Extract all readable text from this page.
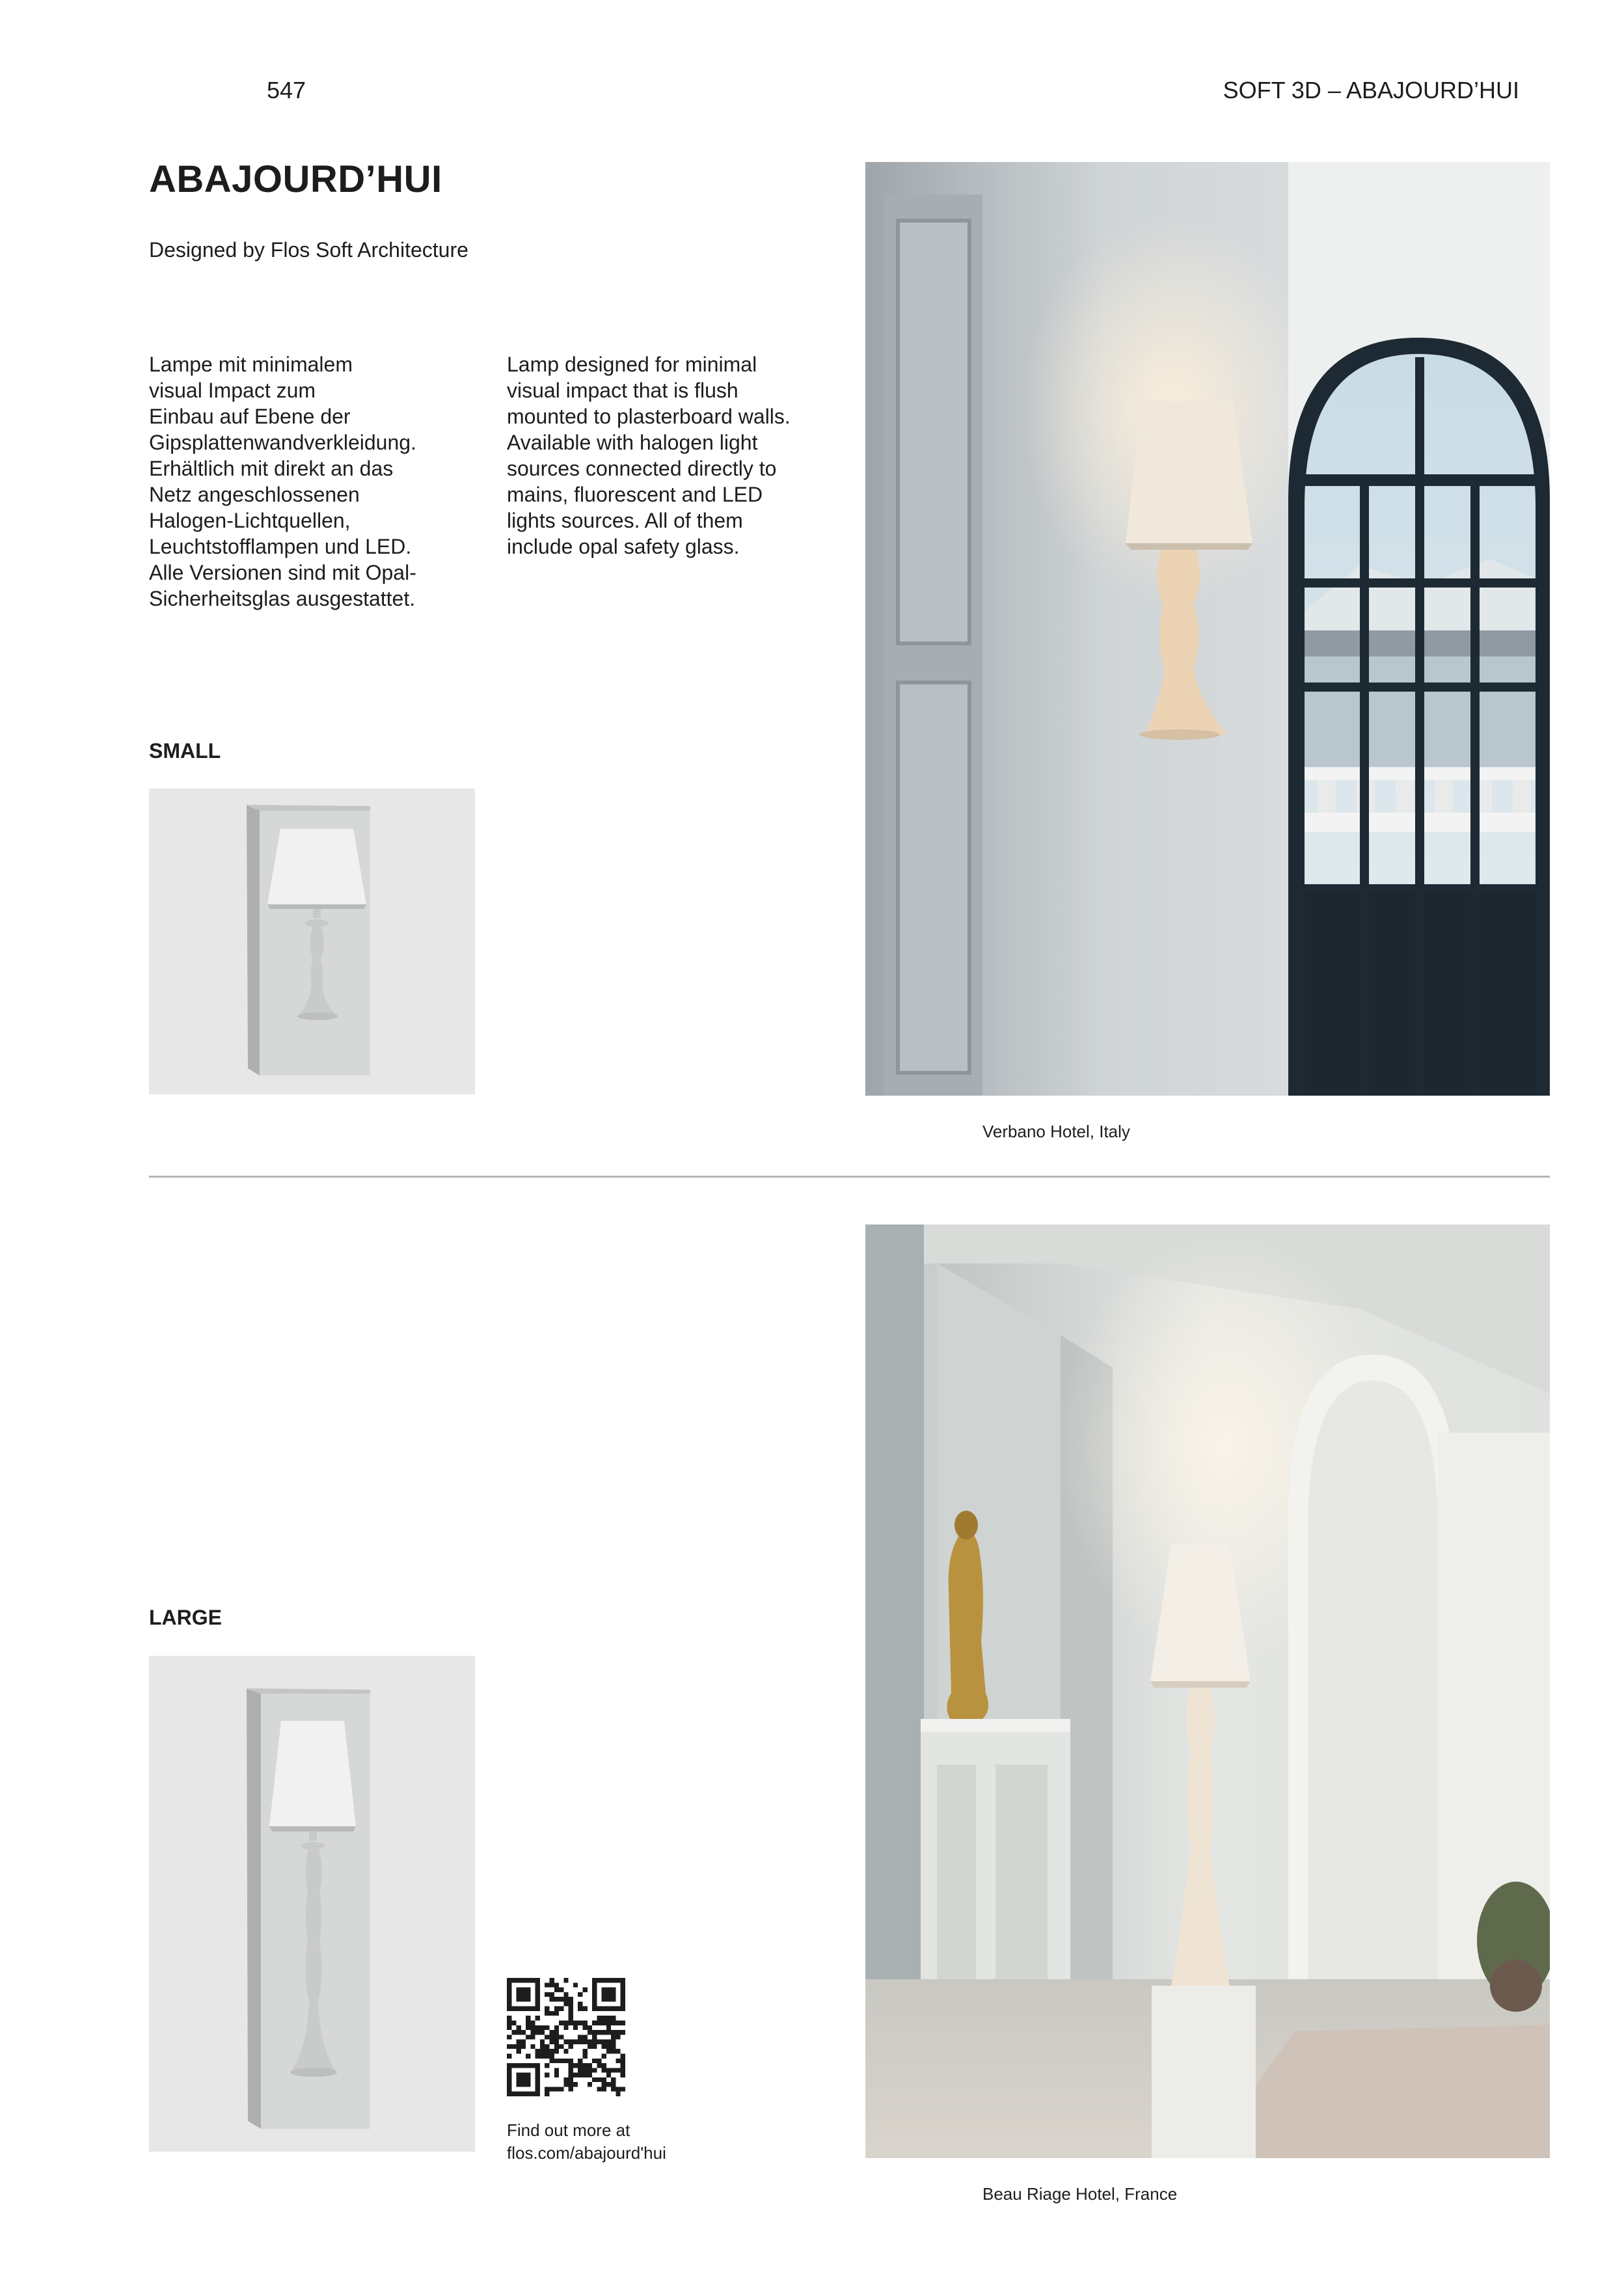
547	SOFT 3D – ABAJOURD’HUI
ABAJOURD’HUI
Designed by Flos Soft Architecture
Lampe mit minimalem
visual Impact zum
Einbau auf Ebene der
Gipsplattenwandverkleidung.
Erhältlich mit direkt an das
Netz angeschlossenen
Halogen-Lichtquellen,
Leuchtstofflampen und LED.
Alle Versionen sind mit Opal-
Sicherheitsglas ausgestattet.
Lamp designed for minimal
visual impact that is flush
mounted to plasterboard walls.
Available with halogen light
sources connected directly to
mains, fluorescent and LED
lights sources. All of them
include opal safety glass.
SMALL
Verbano Hotel, Italy
LARGE
Find out more at
flos.com/abajourd'hui
Beau Riage Hotel, France
